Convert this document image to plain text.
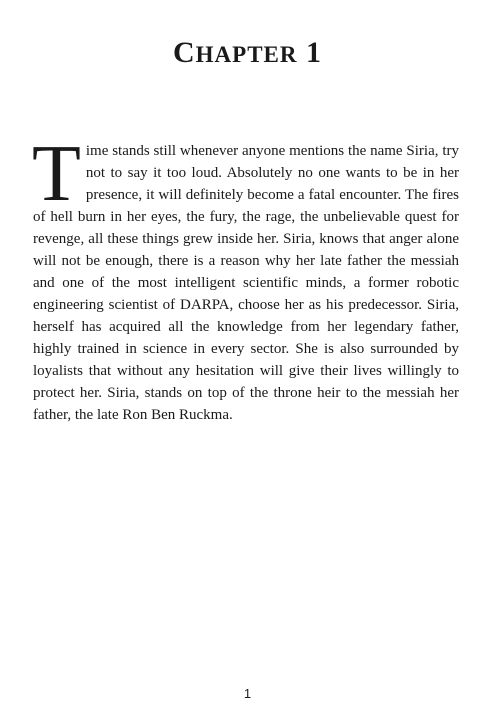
CHAPTER 1

Time stands still whenever anyone mentions the name Siria, try not to say it too loud. Absolutely no one wants to be in her presence, it will definitely become a fatal encounter. The fires of hell burn in her eyes, the fury, the rage, the unbelievable quest for revenge, all these things grew inside her. Siria, knows that anger alone will not be enough, there is a reason why her late father the messiah and one of the most intelligent scientific minds, a former robotic engineering scientist of DARPA, choose her as his predecessor. Siria, herself has acquired all the knowledge from her legendary father, highly trained in science in every sector. She is also surrounded by loyalists that without any hesitation will give their lives willingly to protect her. Siria, stands on top of the throne heir to the messiah her father, the late Ron Ben Ruckma.

1
